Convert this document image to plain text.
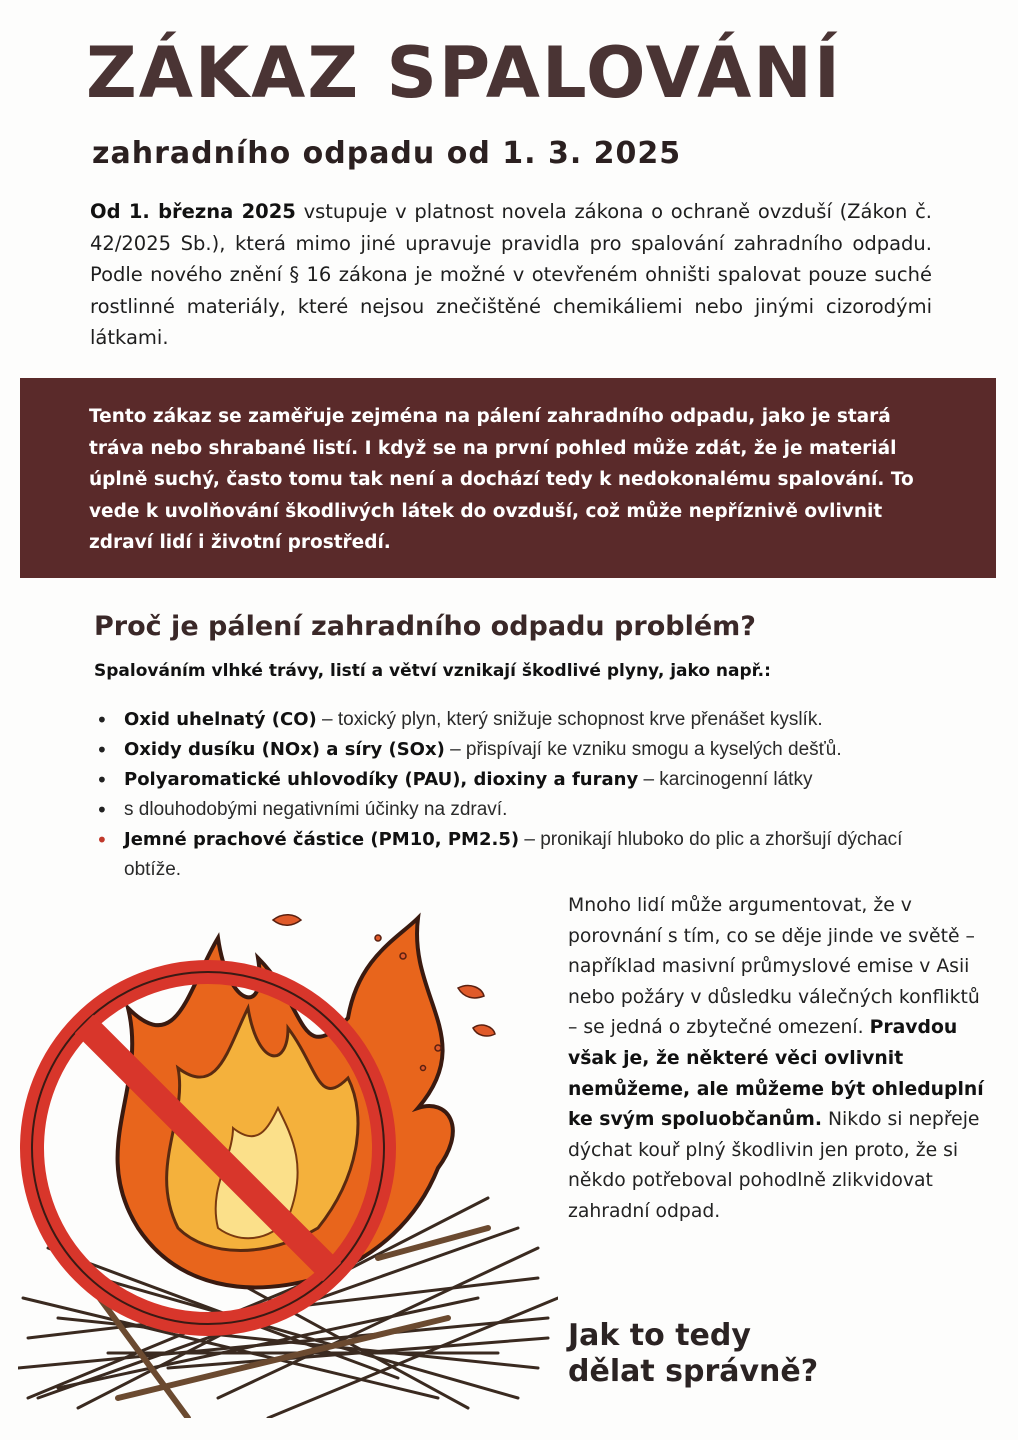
ZÁKAZ SPALOVÁNÍ
zahradního odpadu od 1. 3. 2025
Od 1. března 2025 vstupuje v platnost novela zákona o ochraně ovzduší (Zákon č. 42/2025 Sb.), která mimo jiné upravuje pravidla pro spalování zahradního odpadu. Podle nového znění § 16 zákona je možné v otevřeném ohništi spalovat pouze suché rostlinné materiály, které nejsou znečištěné chemikáliemi nebo jinými cizorodými látkami.
Tento zákaz se zaměřuje zejména na pálení zahradního odpadu, jako je stará tráva nebo shrabané listí. I když se na první pohled může zdát, že je materiál úplně suchý, často tomu tak není a dochází tedy k nedokonalému spalování. To vede k uvolňování škodlivých látek do ovzduší, což může nepříznivě ovlivnit zdraví lidí i životní prostředí.
Proč je pálení zahradního odpadu problém?
Spalováním vlhké trávy, listí a větví vznikají škodlivé plyny, jako např.:
• Oxid uhelnatý (CO) – toxický plyn, který snižuje schopnost krve přenášet kyslík.
• Oxidy dusíku (NOx) a síry (SOx) – přispívají ke vzniku smogu a kyselých dešťů.
• Polyaromatické uhlovodíky (PAU), dioxiny a furany – karcinogenní látky
• s dlouhodobými negativními účinky na zdraví.
• Jemné prachové částice (PM10, PM2.5) – pronikají hluboko do plic a zhoršují dýchací obtíže.
Mnoho lidí může argumentovat, že v porovnání s tím, co se děje jinde ve světě – například masivní průmyslové emise v Asii nebo požáry v důsledku válečných konfliktů – se jedná o zbytečné omezení. Pravdou však je, že některé věci ovlivnit nemůžeme, ale můžeme být ohleduplní ke svým spoluobčanům. Nikdo si nepřeje dýchat kouř plný škodlivin jen proto, že si někdo potřeboval pohodlně zlikvidovat zahradní odpad.
Jak to tedy
dělat správně?
